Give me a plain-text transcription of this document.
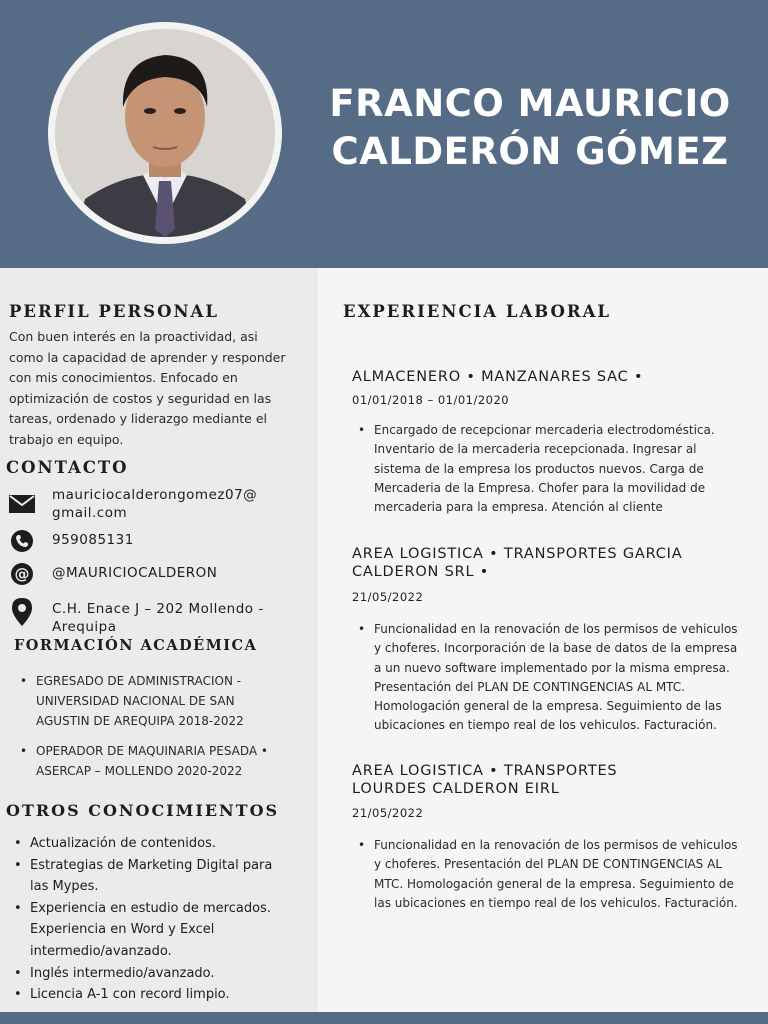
FRANCO MAURICIO
CALDERÓN GÓMEZ
PERFIL PERSONAL
Con buen interés en la proactividad, asi como la capacidad de aprender y responder con mis conocimientos. Enfocado en optimización de costos y seguridad en las tareas, ordenado y liderazgo mediante el trabajo en equipo.
CONTACTO
mauriciocalderongomez07@
gmail.com
959085131
@ @MAURICIOCALDERON
C.H. Enace J – 202 Mollendo -
Arequipa
FORMACIÓN ACADÉMICA
• EGRESADO DE ADMINISTRACION - UNIVERSIDAD NACIONAL DE SAN AGUSTIN DE AREQUIPA 2018-2022
• OPERADOR DE MAQUINARIA PESADA • ASERCAP – MOLLENDO 2020-2022
OTROS CONOCIMIENTOS
• Actualización de contenidos.
• Estrategias de Marketing Digital para las Mypes.
• Experiencia en estudio de mercados. Experiencia en Word y Excel intermedio/avanzado.
• Inglés intermedio/avanzado.
• Licencia A-1 con record limpio.
EXPERIENCIA LABORAL
ALMACENERO • MANZANARES SAC •
01/01/2018 – 01/01/2020
• Encargado de recepcionar mercaderia electrodoméstica. Inventario de la mercaderia recepcionada. Ingresar al sistema de la empresa los productos nuevos. Carga de Mercaderia de la Empresa. Chofer para la movilidad de mercaderia para la empresa. Atención al cliente
AREA LOGISTICA • TRANSPORTES GARCIA CALDERON SRL •
21/05/2022
• Funcionalidad en la renovación de los permisos de vehiculos y choferes. Incorporación de la base de datos de la empresa a un nuevo software implementado por la misma empresa. Presentación del PLAN DE CONTINGENCIAS AL MTC. Homologación general de la empresa. Seguimiento de las ubicaciones en tiempo real de los vehiculos. Facturación.
AREA LOGISTICA • TRANSPORTES LOURDES CALDERON EIRL
21/05/2022
• Funcionalidad en la renovación de los permisos de vehiculos y choferes. Presentación del PLAN DE CONTINGENCIAS AL MTC. Homologación general de la empresa. Seguimiento de las ubicaciones en tiempo real de los vehiculos. Facturación.
